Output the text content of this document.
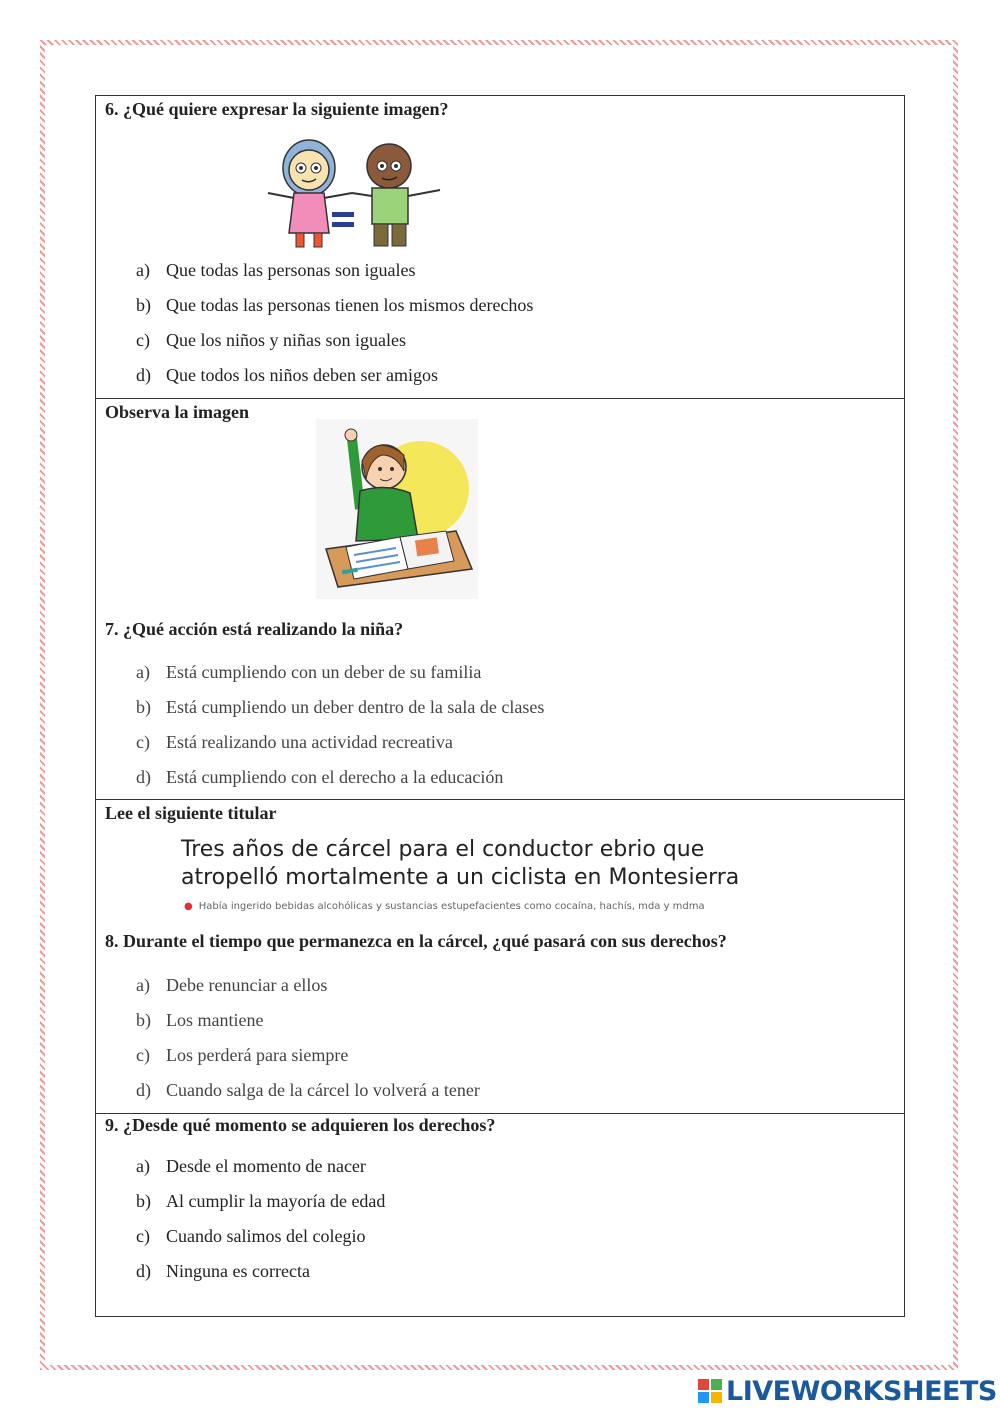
6. ¿Qué quiere expresar la siguiente imagen?
a) Que todas las personas son iguales
b) Que todas las personas tienen los mismos derechos
c) Que los niños y niñas son iguales
d) Que todos los niños deben ser amigos
Observa la imagen
7. ¿Qué acción está realizando la niña?
a) Está cumpliendo con un deber de su familia
b) Está cumpliendo un deber dentro de la sala de clases
c) Está realizando una actividad recreativa
d) Está cumpliendo con el derecho a la educación
Lee el siguiente titular
Tres años de cárcel para el conductor ebrio que
atropelló mortalmente a un ciclista en Montesierra
● Había ingerido bebidas alcohólicas y sustancias estupefacientes como cocaína, hachís, mda y mdma
8. Durante el tiempo que permanezca en la cárcel, ¿qué pasará con sus derechos?
a) Debe renunciar a ellos
b) Los mantiene
c) Los perderá para siempre
d) Cuando salga de la cárcel lo volverá a tener
9. ¿Desde qué momento se adquieren los derechos?
a) Desde el momento de nacer
b) Al cumplir la mayoría de edad
c) Cuando salimos del colegio
d) Ninguna es correcta
LIVEWORKSHEETS
